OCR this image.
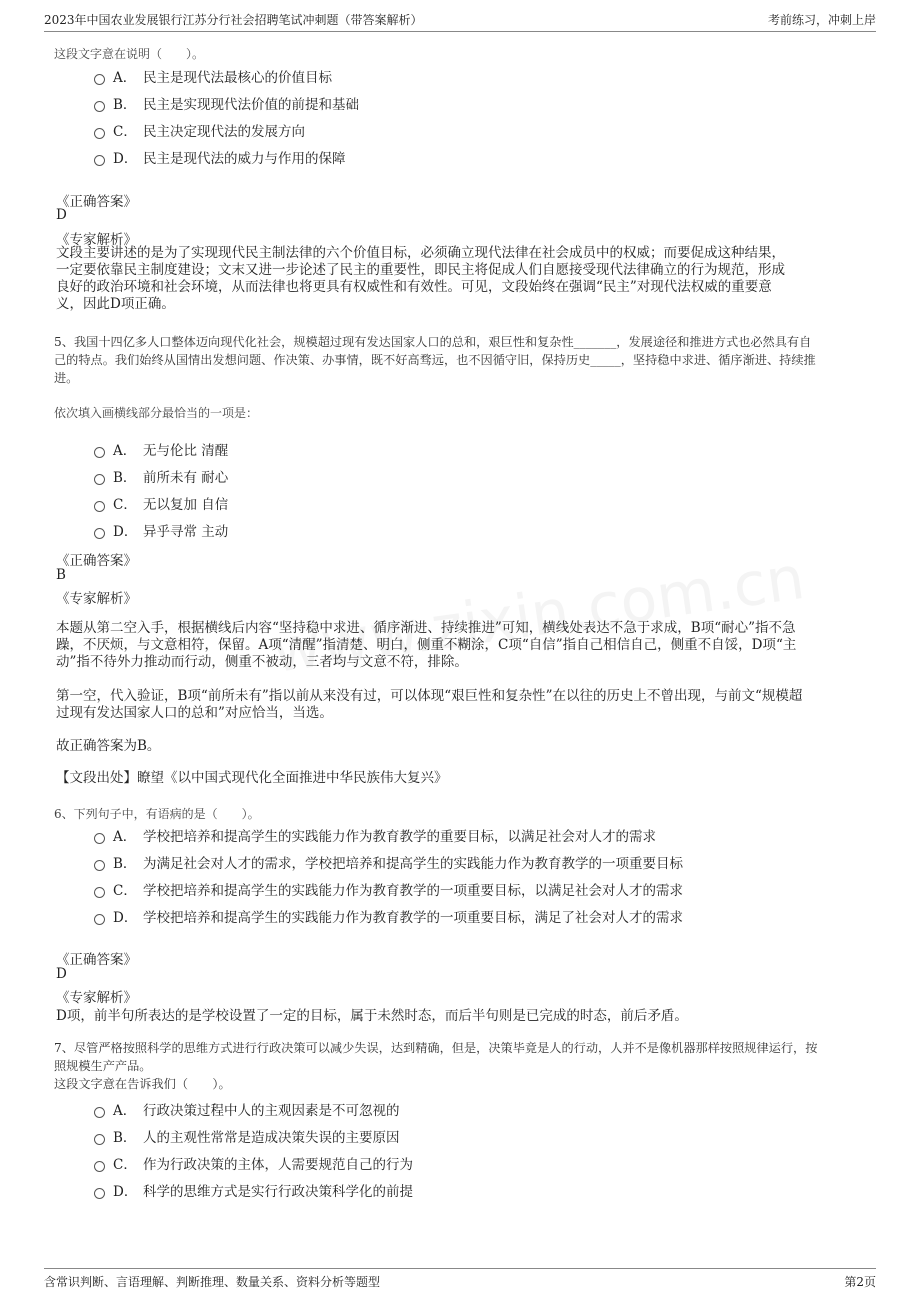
2023年中国农业发展银行江苏分行社会招聘笔试冲刺题（带答案解析）	考前练习，冲刺上岸
这段文字意在说明（　　）。
A． 民主是现代法最核心的价值目标
B． 民主是实现现代法价值的前提和基础
C． 民主决定现代法的发展方向
D． 民主是现代法的威力与作用的保障
《正确答案》
D
《专家解析》
文段主要讲述的是为了实现现代民主制法律的六个价值目标，必须确立现代法律在社会成员中的权威；而要促成这种结果，
一定要依靠民主制度建设；文末又进一步论述了民主的重要性，即民主将促成人们自愿接受现代法律确立的行为规范，形成
良好的政治环境和社会环境，从而法律也将更具有权威性和有效性。可见，文段始终在强调“民主”对现代法权威的重要意
义，因此D项正确。
5、我国十四亿多人口整体迈向现代化社会，规模超过现有发达国家人口的总和，艰巨性和复杂性_______，发展途径和推进方式也必然具有自
己的特点。我们始终从国情出发想问题、作决策、办事情，既不好高骛远，也不因循守旧，保持历史_____，坚持稳中求进、循序渐进、持续推
进。
依次填入画横线部分最恰当的一项是：
A． 无与伦比 清醒
B． 前所未有 耐心
C． 无以复加 自信
D． 异乎寻常 主动
《正确答案》
B
《专家解析》
本题从第二空入手，根据横线后内容“坚持稳中求进、循序渐进、持续推进”可知，横线处表达不急于求成，B项“耐心”指不急
躁，不厌烦，与文意相符，保留。A项“清醒”指清楚、明白，侧重不糊涂，C项“自信”指自己相信自己，侧重不自馁，D项“主
动”指不待外力推动而行动，侧重不被动，三者均与文意不符，排除。
第一空，代入验证，B项“前所未有”指以前从来没有过，可以体现“艰巨性和复杂性”在以往的历史上不曾出现，与前文“规模超
过现有发达国家人口的总和”对应恰当，当选。
故正确答案为B。
【文段出处】瞭望《以中国式现代化全面推进中华民族伟大复兴》
6、下列句子中，有语病的是（　　）。
A． 学校把培养和提高学生的实践能力作为教育教学的重要目标，以满足社会对人才的需求
B． 为满足社会对人才的需求，学校把培养和提高学生的实践能力作为教育教学的一项重要目标
C． 学校把培养和提高学生的实践能力作为教育教学的一项重要目标，以满足社会对人才的需求
D． 学校把培养和提高学生的实践能力作为教育教学的一项重要目标，满足了社会对人才的需求
《正确答案》
D
《专家解析》
D项，前半句所表达的是学校设置了一定的目标，属于未然时态，而后半句则是已完成的时态，前后矛盾。
7、尽管严格按照科学的思维方式进行行政决策可以减少失误，达到精确，但是，决策毕竟是人的行动，人并不是像机器那样按照规律运行，按
照规模生产产品。
这段文字意在告诉我们（　　）。
A． 行政决策过程中人的主观因素是不可忽视的
B． 人的主观性常常是造成决策失误的主要原因
C． 作为行政决策的主体，人需要规范自己的行为
D． 科学的思维方式是实行行政决策科学化的前提
含常识判断、言语理解、判断推理、数量关系、资料分析等题型	第2页
